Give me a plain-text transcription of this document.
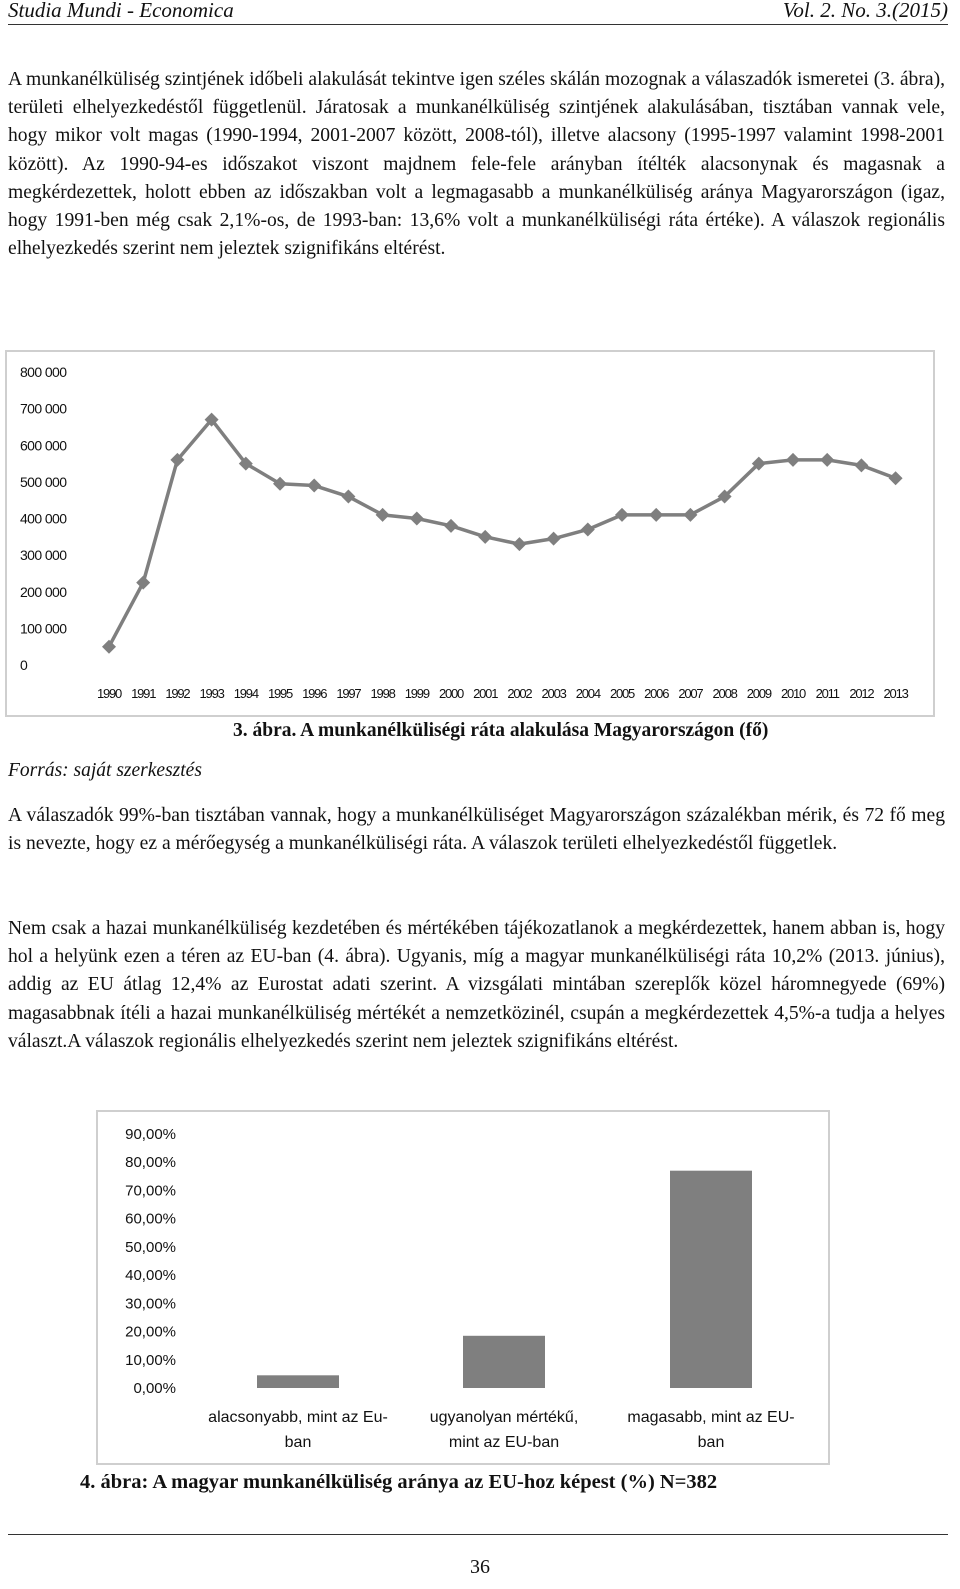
Studia Mundi - Economica	Vol. 2. No. 3.(2015)

A munkanélküliség szintjének időbeli alakulását tekintve igen széles skálán mozognak a válaszadók ismeretei (3. ábra), területi elhelyezkedéstől függetlenül. Járatosak a munkanélküliség szintjének alakulásában, tisztában vannak vele, hogy mikor volt magas (1990-1994, 2001-2007 között, 2008-tól), illetve alacsony (1995-1997 valamint 1998-2001 között). Az 1990-94-es időszakot viszont majdnem fele-fele arányban ítélték alacsonynak és magasnak a megkérdezettek, holott ebben az időszakban volt a legmagasabb a munkanélküliség aránya Magyarországon (igaz, hogy 1991-ben még csak 2,1%-os, de 1993-ban: 13,6% volt a munkanélküliségi ráta értéke). A válaszok regionális elhelyezkedés szerint nem jeleztek szignifikáns eltérést.

800 000
700 000
600 000
500 000
400 000
300 000
200 000
100 000
0
1990 1991 1992 1993 1994 1995 1996 1997 1998 1999 2000 2001 2002 2003 2004 2005 2006 2007 2008 2009 2010 2011 2012 2013
3. ábra. A munkanélküliségi ráta alakulása Magyarországon (fő)
Forrás: saját szerkesztés

A válaszadók 99%-ban tisztában vannak, hogy a munkanélküliséget Magyarországon százalékban mérik, és 72 fő meg is nevezte, hogy ez a mérőegység a munkanélküliségi ráta. A válaszok területi elhelyezkedéstől függetlek.

Nem csak a hazai munkanélküliség kezdetében és mértékében tájékozatlanok a megkérdezettek, hanem abban is, hogy hol a helyünk ezen a téren az EU-ban (4. ábra). Ugyanis, míg a magyar munkanélküliségi ráta 10,2% (2013. június), addig az EU átlag 12,4% az Eurostat adati szerint. A vizsgálati mintában szereplők közel háromnegyede (69%) magasabbnak ítéli a hazai munkanélküliség mértékét a nemzetközinél, csupán a megkérdezettek 4,5%-a tudja a helyes választ.A válaszok regionális elhelyezkedés szerint nem jeleztek szignifikáns eltérést.

90,00%
80,00%
70,00%
60,00%
50,00%
40,00%
30,00%
20,00%
10,00%
0,00%
alacsonyabb, mint az Eu-
ban
ugyanolyan mértékű,
mint az EU-ban
magasabb, mint az EU-
ban
4. ábra: A magyar munkanélküliség aránya az EU-hoz képest (%) N=382
36
